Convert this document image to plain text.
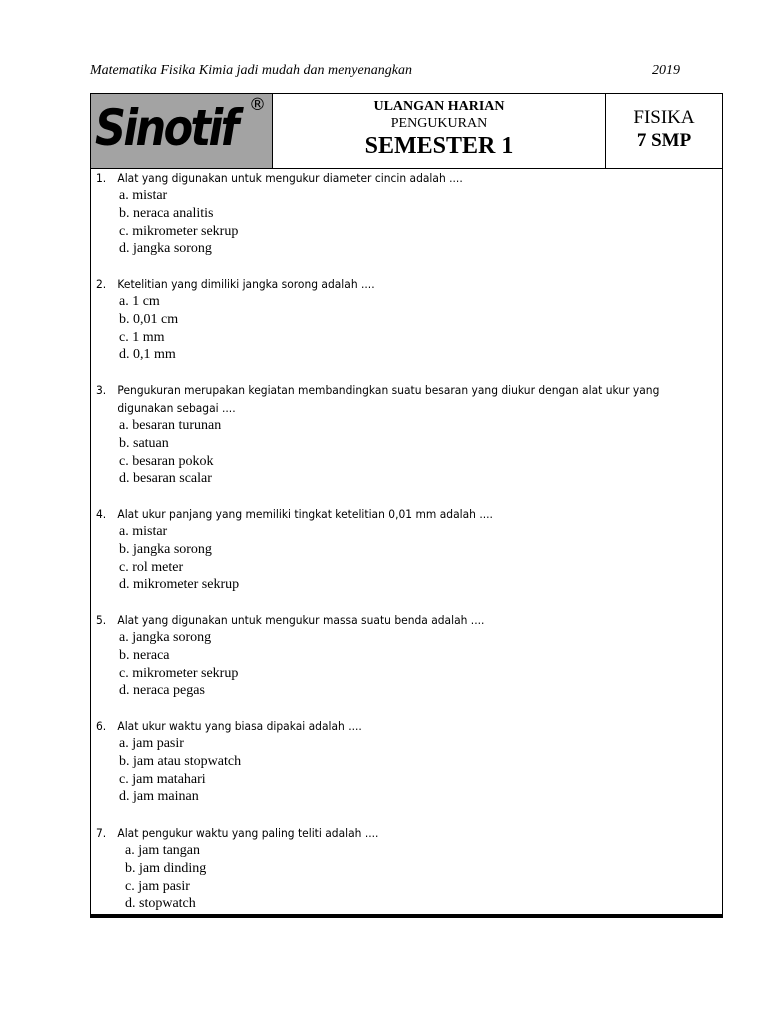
Matematika Fisika Kimia jadi mudah dan menyenangkan	2019
Sinotif ®	ULANGAN HARIAN
PENGUKURAN
SEMESTER 1
FISIKA
7 SMP
1. Alat yang digunakan untuk mengukur diameter cincin adalah ....
a. mistar
b. neraca analitis
c. mikrometer sekrup
d. jangka sorong
2. Ketelitian yang dimiliki jangka sorong adalah ....
a. 1 cm
b. 0,01 cm
c. 1 mm
d. 0,1 mm
3. Pengukuran merupakan kegiatan membandingkan suatu besaran yang diukur dengan alat ukur yang digunakan sebagai ....
a. besaran turunan
b. satuan
c. besaran pokok
d. besaran scalar
4. Alat ukur panjang yang memiliki tingkat ketelitian 0,01 mm adalah ....
a. mistar
b. jangka sorong
c. rol meter
d. mikrometer sekrup
5. Alat yang digunakan untuk mengukur massa suatu benda adalah ....
a. jangka sorong
b. neraca
c. mikrometer sekrup
d. neraca pegas
6. Alat ukur waktu yang biasa dipakai adalah ....
a. jam pasir
b. jam atau stopwatch
c. jam matahari
d. jam mainan
7. Alat pengukur waktu yang paling teliti adalah ....
a. jam tangan
b. jam dinding
c. jam pasir
d. stopwatch
